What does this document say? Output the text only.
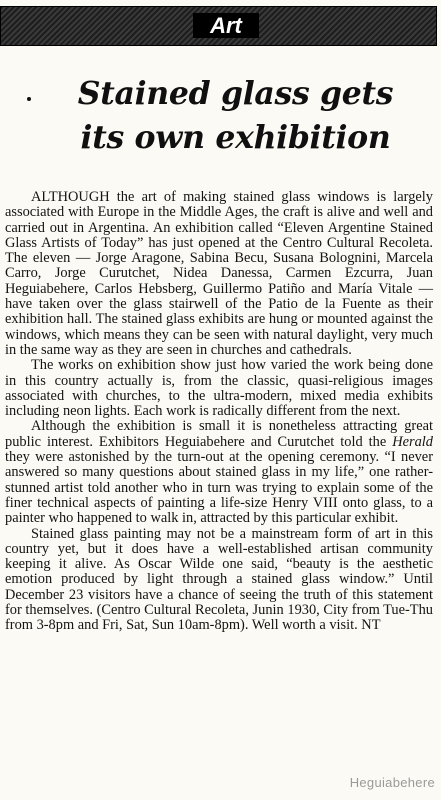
Art
Stained glass gets
its own exhibition

ALTHOUGH the art of making stained glass windows is largely associated with Europe in the Middle Ages, the craft is alive and well and carried out in Argentina. An exhibition called “Eleven Argentine Stained Glass Artists of Today” has just opened at the Centro Cultural Recoleta. The eleven — Jorge Aragone, Sabina Becu, Susana Bolognini, Marcela Carro, Jorge Curutchet, Nidea Danessa, Carmen Ezcurra, Juan Heguiabehere, Carlos Hebsberg, Guillermo Patiño and María Vitale — have taken over the glass stairwell of the Patio de la Fuente as their exhibition hall. The stained glass exhibits are hung or mounted against the windows, which means they can be seen with natural daylight, very much in the same way as they are seen in churches and cathedrals.

The works on exhibition show just how varied the work being done in this country actually is, from the classic, quasi-religious images associated with churches, to the ultra-modern, mixed media exhibits including neon lights. Each work is radically different from the next.

Although the exhibition is small it is nonetheless attracting great public interest. Exhibitors Heguiabehere and Curutchet told the Herald they were astonished by the turn-out at the opening ceremony. “I never answered so many questions about stained glass in my life,” one rather-stunned artist told another who in turn was trying to explain some of the finer technical aspects of painting a life-size Henry VIII onto glass, to a painter who happened to walk in, attracted by this particular exhibit.

Stained glass painting may not be a mainstream form of art in this country yet, but it does have a well-established artisan community keeping it alive. As Oscar Wilde one said, “beauty is the aesthetic emotion produced by light through a stained glass window.” Until December 23 visitors have a chance of seeing the truth of this statement for themselves. (Centro Cultural Recoleta, Junin 1930, City from Tue-Thu from 3-8pm and Fri, Sat, Sun 10am-8pm). Well worth a visit. NT

Heguiabehere
